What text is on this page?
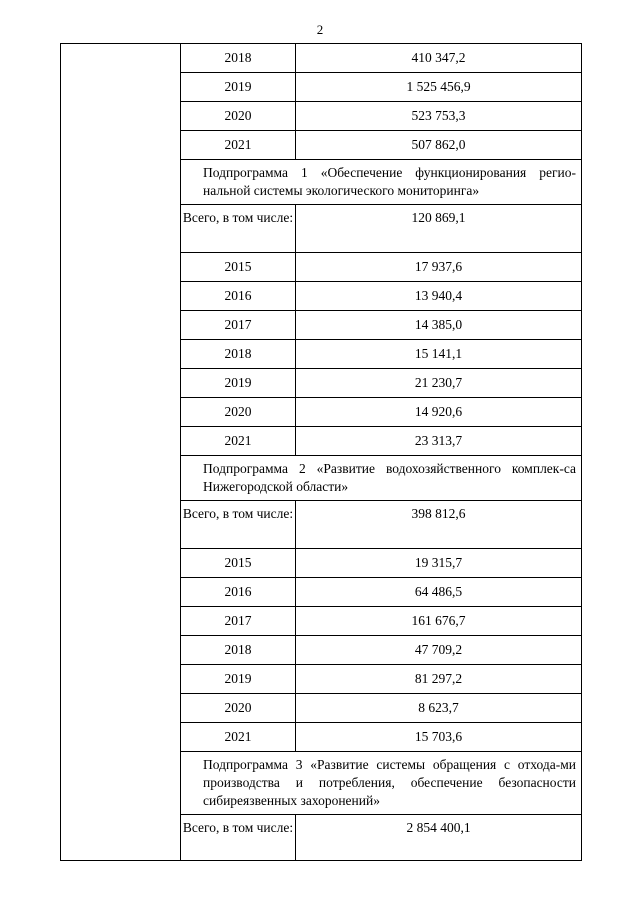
2
	2018	410 347,2
	2019	1 525 456,9
	2020	523 753,3
	2021	507 862,0
	Подпрограмма 1 «Обеспечение функционирования регио-нальной системы экологического мониторинга»	
	Всего, в том числе:	120 869,1
	2015	17 937,6
	2016	13 940,4
	2017	14 385,0
	2018	15 141,1
	2019	21 230,7
	2020	14 920,6
	2021	23 313,7
	Подпрограмма 2 «Развитие водохозяйственного комплек-са Нижегородской области»	
	Всего, в том числе:	398 812,6
	2015	19 315,7
	2016	64 486,5
	2017	161 676,7
	2018	47 709,2
	2019	81 297,2
	2020	8 623,7
	2021	15 703,6
	Подпрограмма 3 «Развитие системы обращения с отхода-ми производства и потребления, обеспечение безопасности сибиреязвенных захоронений»	
	Всего, в том числе:	2 854 400,1
